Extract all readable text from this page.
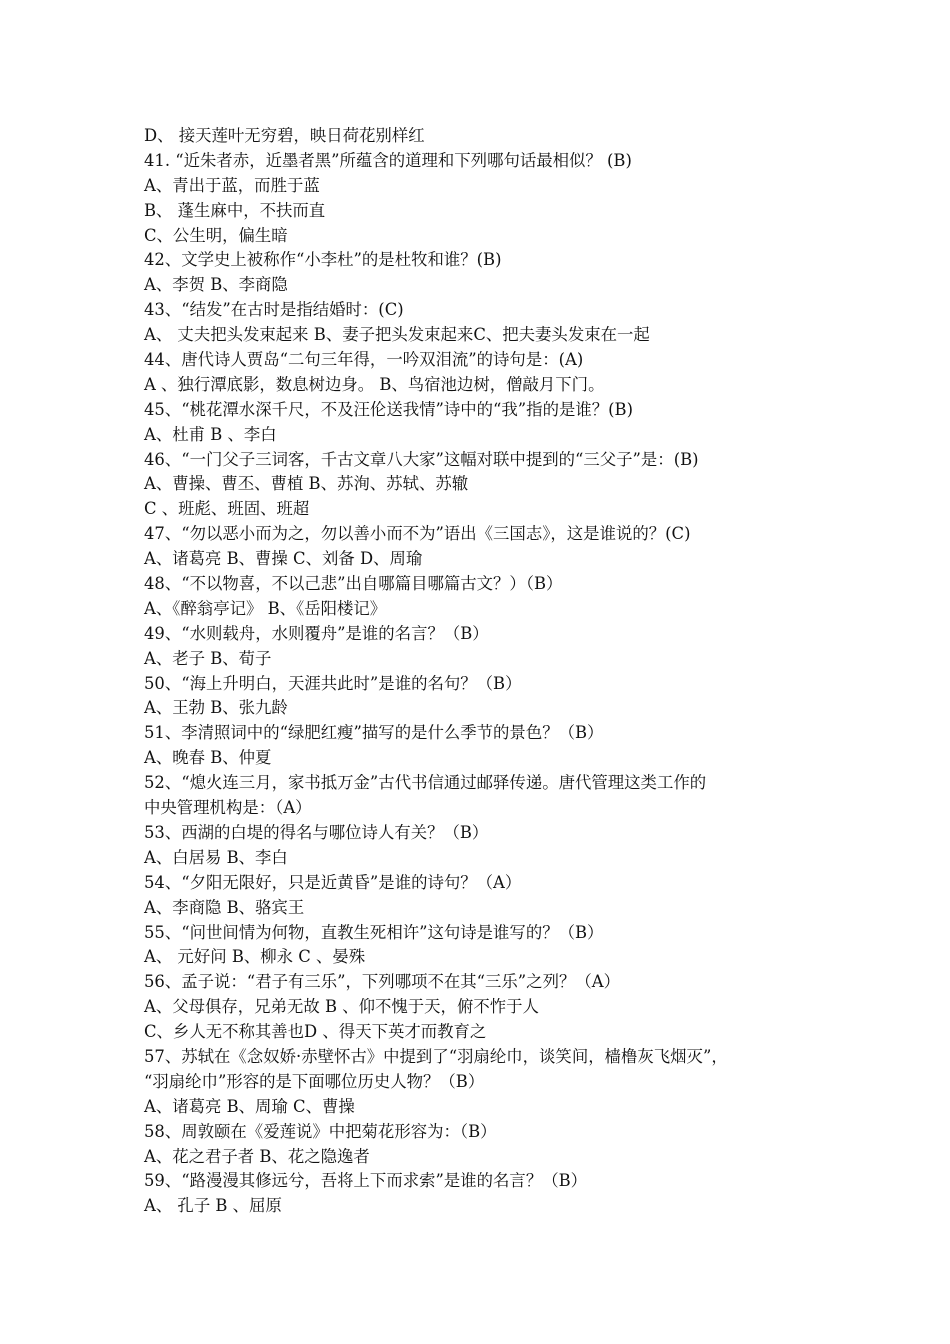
D、 接天莲叶无穷碧，映日荷花别样红
41. “近朱者赤，近墨者黑”所蕴含的道理和下列哪句话最相似？ (B)
A、青出于蓝，而胜于蓝
B、 蓬生麻中，不扶而直
C、公生明，偏生暗
42、文学史上被称作“小李杜”的是杜牧和谁？(B)
A、李贺 B、李商隐
43、“结发”在古时是指结婚时：(C)
A、 丈夫把头发束起来 B、妻子把头发束起来C、把夫妻头发束在一起
44、唐代诗人贾岛“二句三年得，一吟双泪流”的诗句是：(A)
A 、独行潭底影，数息树边身。 B、鸟宿池边树，僧敲月下门。
45、“桃花潭水深千尺，不及汪伦送我情”诗中的“我”指的是谁？(B)
A、杜甫 B 、李白
46、“一门父子三词客，千古文章八大家”这幅对联中提到的“三父子”是：(B)
A、曹操、曹丕、曹植 B、苏洵、苏轼、苏辙
C 、班彪、班固、班超
47、“勿以恶小而为之，勿以善小而不为”语出《三国志》，这是谁说的？(C)
A、诸葛亮 B、曹操 C、刘备 D、周瑜
48、“不以物喜，不以己悲”出自哪篇目哪篇古文？）（B）
A、《醉翁亭记》 B、《岳阳楼记》
49、“水则载舟，水则覆舟”是谁的名言？（B）
A、老子 B、荀子
50、“海上升明白，天涯共此时”是谁的名句？（B）
A、王勃 B、张九龄
51、李清照词中的“绿肥红瘦”描写的是什么季节的景色？（B）
A、晚春 B、仲夏
52、“熄火连三月，家书抵万金”古代书信通过邮驿传递。唐代管理这类工作的
中央管理机构是：（A）
53、西湖的白堤的得名与哪位诗人有关？（B）
A、白居易 B、李白
54、“夕阳无限好，只是近黄昏”是谁的诗句？（A）
A、李商隐 B、骆宾王
55、“问世间情为何物，直教生死相许”这句诗是谁写的？（B）
A、 元好问 B、柳永 C 、晏殊
56、孟子说：“君子有三乐”，下列哪项不在其“三乐”之列？（A）
A、父母俱存，兄弟无故 B 、仰不愧于天，俯不怍于人
C、乡人无不称其善也D 、得天下英才而教育之
57、苏轼在《念奴娇·赤壁怀古》中提到了“羽扇纶巾，谈笑间，樯橹灰飞烟灭”，
“羽扇纶巾”形容的是下面哪位历史人物？（B）
A、诸葛亮 B、周瑜 C、曹操
58、周敦颐在《爱莲说》中把菊花形容为：（B）
A、花之君子者 B、花之隐逸者
59、“路漫漫其修远兮，吾将上下而求索”是谁的名言？（B）
A、 孔子 B 、屈原
